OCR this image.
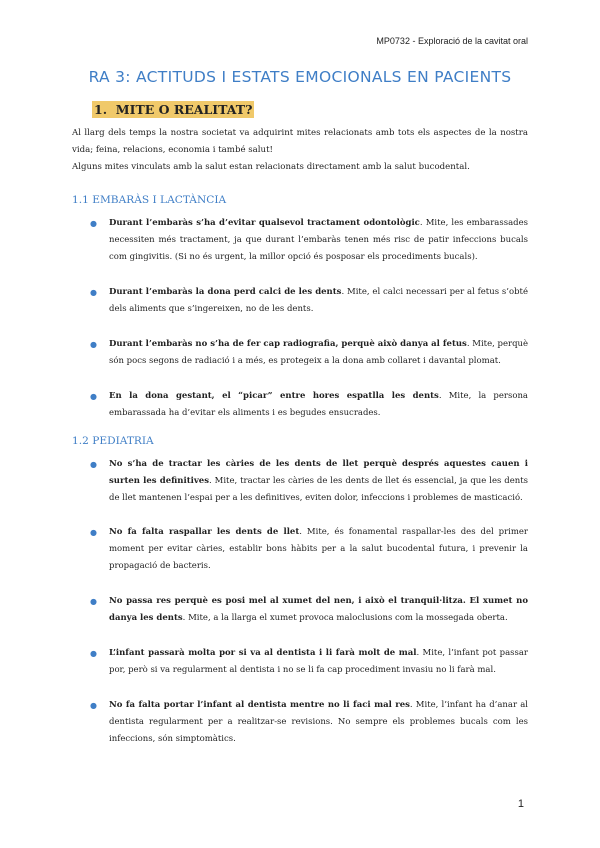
MP0732 - Exploració de la cavitat oral
RA 3: ACTITUDS I ESTATS EMOCIONALS EN PACIENTS
1. MITE O REALITAT?

Al llarg dels temps la nostra societat va adquirint mites relacionats amb tots els aspectes de la nostra vida; feina, relacions, economia i també salut!

Alguns mites vinculats amb la salut estan relacionats directament amb la salut bucodental.

1.1 EMBARÀS I LACTÀNCIA
● Durant l’embaràs s’ha d’evitar qualsevol tractament odontològic. Mite, les embarassades necessiten més tractament, ja que durant l’embaràs tenen més risc de patir infeccions bucals com gingivitis. (Si no és urgent, la millor opció és posposar els procediments bucals).
● Durant l’embaràs la dona perd calci de les dents. Mite, el calci necessari per al fetus s’obté dels aliments que s’ingereixen, no de les dents.
● Durant l’embaràs no s’ha de fer cap radiografia, perquè això danya al fetus. Mite, perquè són pocs segons de radiació i a més, es protegeix a la dona amb collaret i davantal plomat.
● En la dona gestant, el “picar” entre hores espatlla les dents. Mite, la persona embarassada ha d’evitar els aliments i es begudes ensucrades.
1.2 PEDIATRIA
● No s’ha de tractar les càries de les dents de llet perquè després aquestes cauen i surten les definitives. Mite, tractar les càries de les dents de llet és essencial, ja que les dents de llet mantenen l’espai per a les definitives, eviten dolor, infeccions i problemes de masticació.
● No fa falta raspallar les dents de llet. Mite, és fonamental raspallar-les des del primer moment per evitar càries, establir bons hàbits per a la salut bucodental futura, i prevenir la propagació de bacteris.
● No passa res perquè es posi mel al xumet del nen, i això el tranquil·litza. El xumet no danya les dents. Mite, a la llarga el xumet provoca maloclusions com la mossegada oberta.
● L’infant passarà molta por si va al dentista i li farà molt de mal. Mite, l’infant pot passar por, però si va regularment al dentista i no se li fa cap procediment invasiu no li farà mal.
● No fa falta portar l’infant al dentista mentre no li faci mal res. Mite, l’infant ha d’anar al dentista regularment per a realitzar-se revisions. No sempre els problemes bucals com les infeccions, són simptomàtics.
1
